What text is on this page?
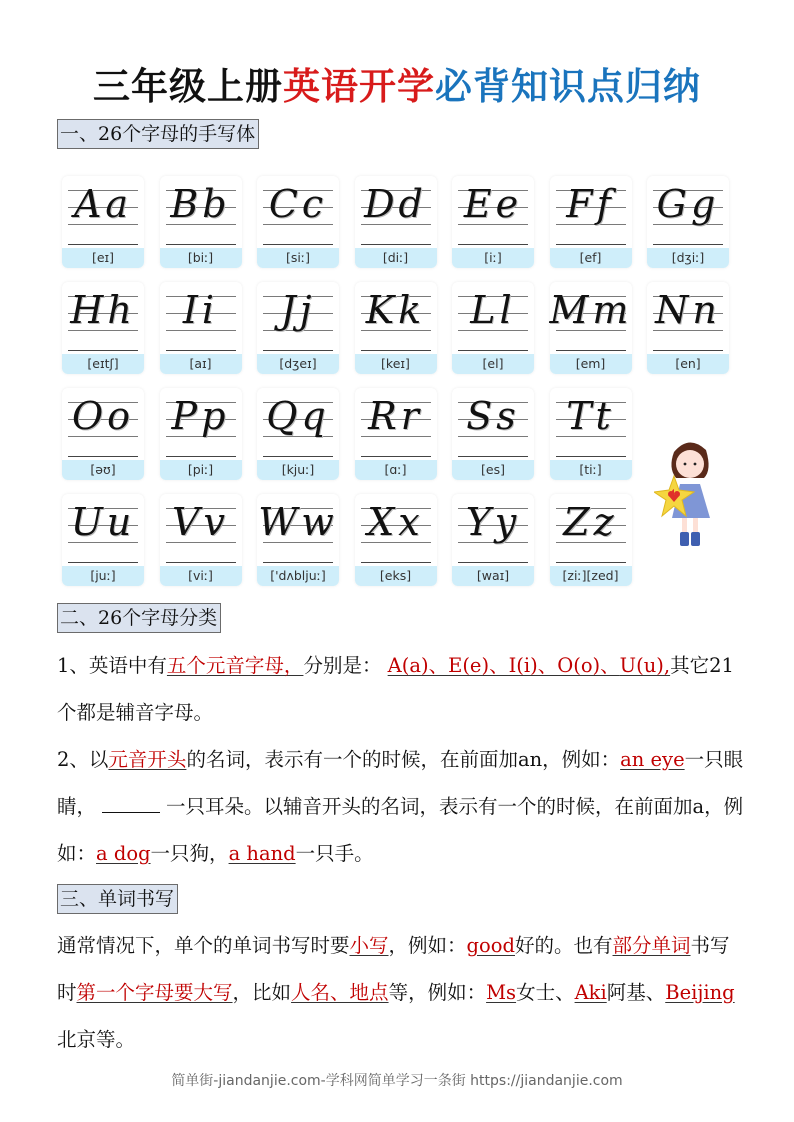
三年级上册英语开学必背知识点归纳
一、26个字母的手写体
Aa
[eɪ]
Bb
[biː]
Cc
[siː]
Dd
[diː]
Ee
[iː]
Ff
[ef]
Gg
[dʒiː]
Hh
[eɪtʃ]
Ii
[aɪ]
Jj
[dʒeɪ]
Kk
[keɪ]
Ll
[el]
Mm
[em]
Nn
[en]
Oo
[əʊ]
Pp
[piː]
Qq
[kjuː]
Rr
[ɑː]
Ss
[es]
Tt
[tiː]
Uu
[juː]
Vv
[viː]
Ww
['dʌbljuː]
Xx
[eks]
Yy
[waɪ]
Zz
[ziː][zed]
二、26个字母分类
1、英语中有五个元音字母，分别是： A(a)、E(e)、I(i)、O(o)、U(u),其它21个都是辅音字母。
2、以元音开头的名词，表示有一个的时候，在前面加an，例如：an eye一只眼睛，	一只耳朵。以辅音开头的名词，表示有一个的时候，在前面加a，例如：a dog一只狗，a hand一只手。
三、单词书写
通常情况下，单个的单词书写时要小写，例如：good好的。也有部分单词书写时第一个字母要大写，比如人名、地点等，例如：Ms女士、Aki阿基、Beijing北京等。
简单街-jiandanjie.com-学科网简单学习一条街 https://jiandanjie.com
